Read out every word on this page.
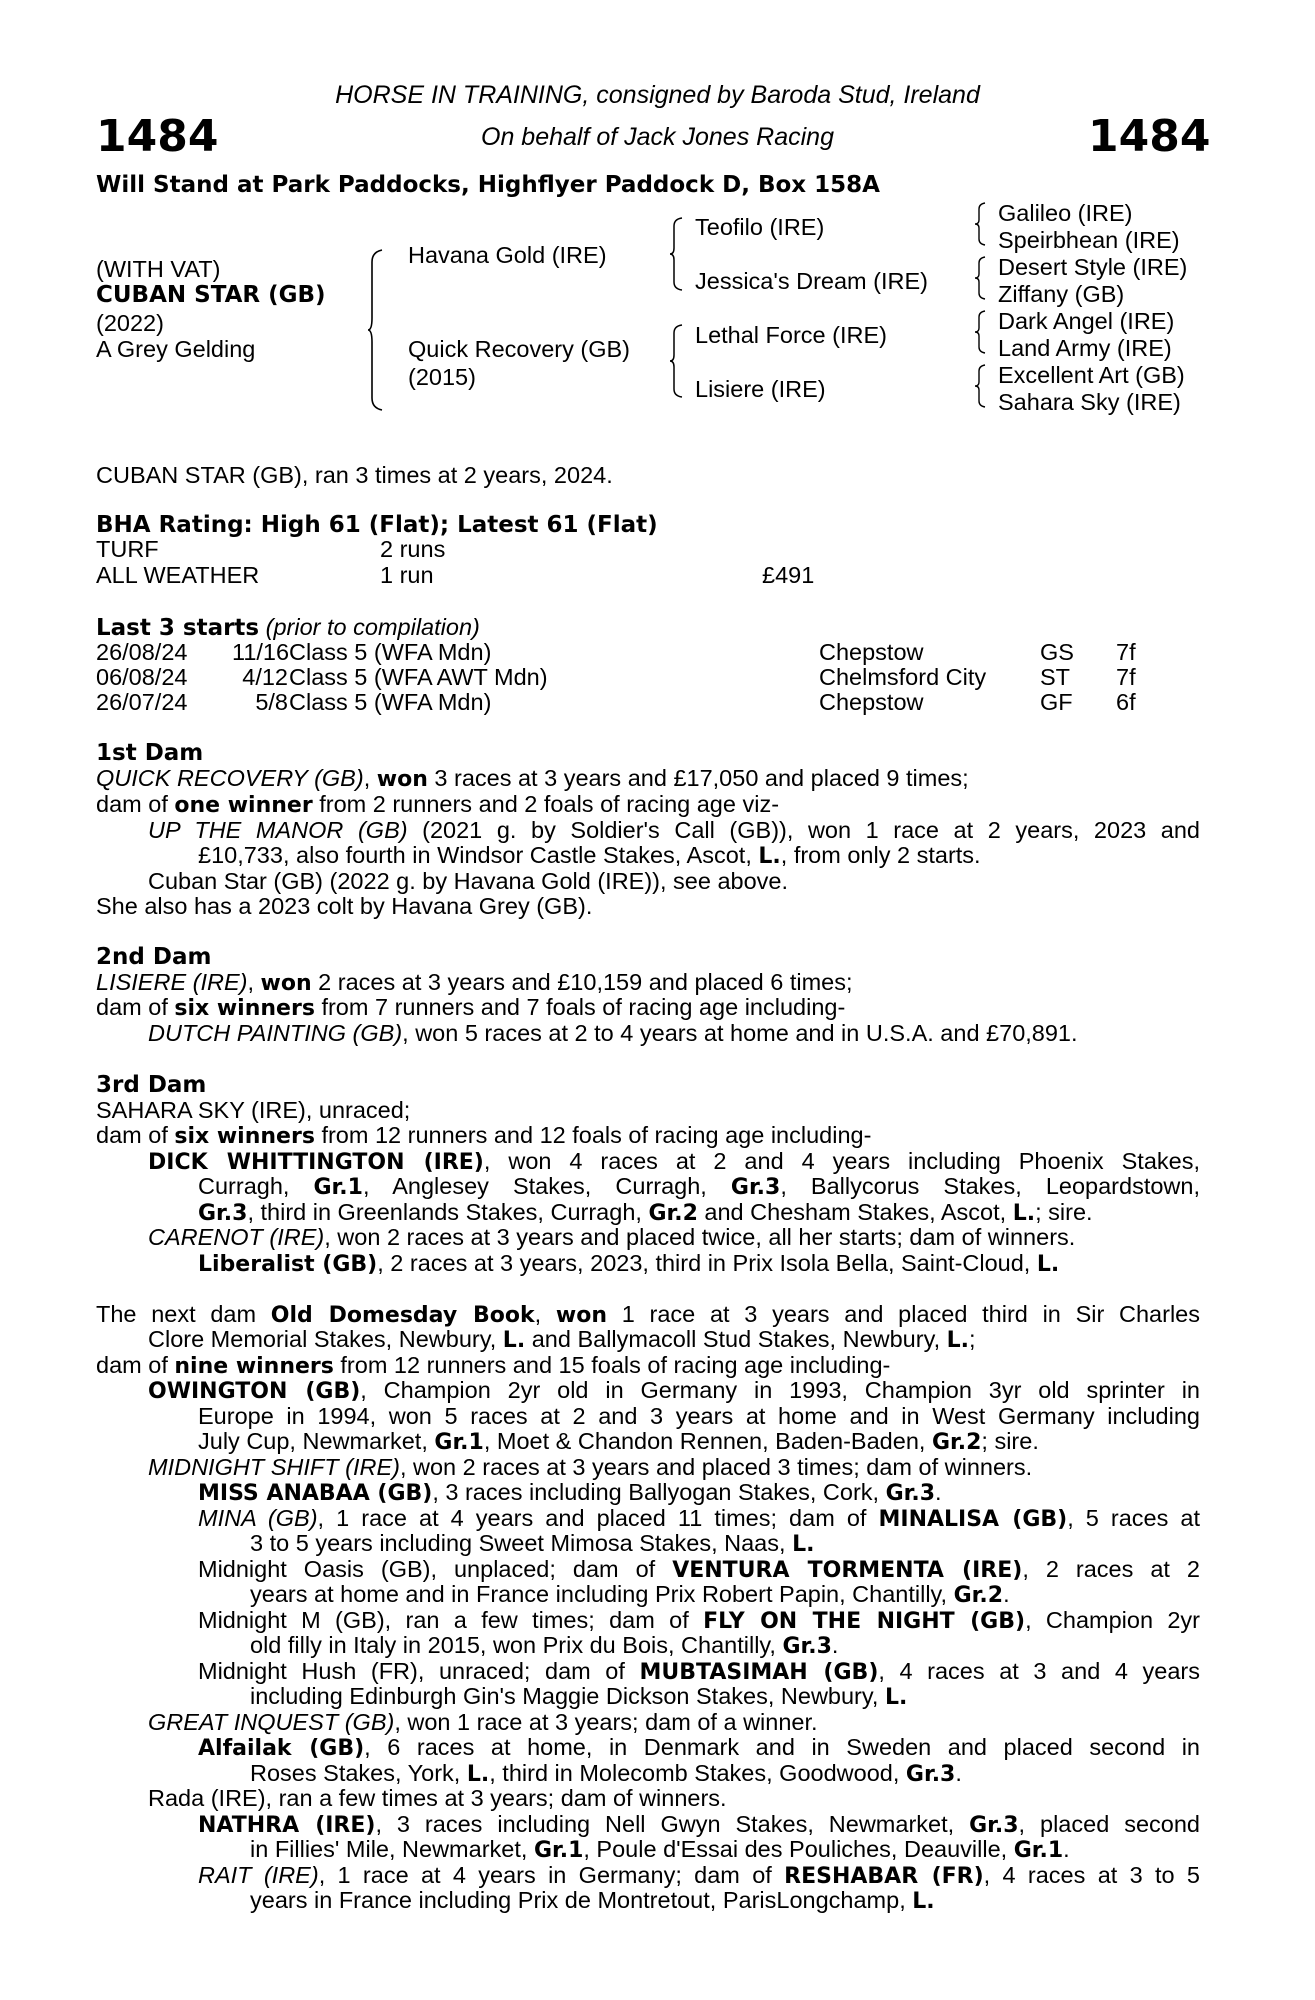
1484	1484
HORSE IN TRAINING, consigned by Baroda Stud, Ireland
On behalf of Jack Jones Racing
Will Stand at Park Paddocks, Highflyer Paddock D, Box 158A
(WITH VAT)
CUBAN STAR (GB)
(2022)
A Grey Gelding
Havana Gold (IRE)
Quick Recovery (GB)
(2015)
Teofilo (IRE)
Jessica's Dream (IRE)
Lethal Force (IRE)
Lisiere (IRE)
Galileo (IRE)
Speirbhean (IRE)
Desert Style (IRE)
Ziffany (GB)
Dark Angel (IRE)
Land Army (IRE)
Excellent Art (GB)
Sahara Sky (IRE)
CUBAN STAR (GB), ran 3 times at 2 years, 2024.
BHA Rating: High 61 (Flat); Latest 61 (Flat)
TURF	2 runs
ALL WEATHER	1 run	£491
Last 3 starts (prior to compilation)
26/08/24 11/16 Class 5 (WFA Mdn)	Chepstow	GS 7f
06/08/24	4/12 Class 5 (WFA AWT Mdn)	Chelmsford City ST 7f
26/07/24	5/8 Class 5 (WFA Mdn)	Chepstow	GF 6f
1st Dam
QUICK RECOVERY (GB), won 3 races at 3 years and £17,050 and placed 9 times;
dam of one winner from 2 runners and 2 foals of racing age viz-
UP THE MANOR (GB) (2021 g. by Soldier's Call (GB)), won 1 race at 2 years, 2023 and
£10,733, also fourth in Windsor Castle Stakes, Ascot, L., from only 2 starts.
Cuban Star (GB) (2022 g. by Havana Gold (IRE)), see above.
She also has a 2023 colt by Havana Grey (GB).
2nd Dam
LISIERE (IRE), won 2 races at 3 years and £10,159 and placed 6 times;
dam of six winners from 7 runners and 7 foals of racing age including-
DUTCH PAINTING (GB), won 5 races at 2 to 4 years at home and in U.S.A. and £70,891.
3rd Dam
SAHARA SKY (IRE), unraced;
dam of six winners from 12 runners and 12 foals of racing age including-
DICK WHITTINGTON (IRE), won 4 races at 2 and 4 years including Phoenix Stakes,
Curragh, Gr.1, Anglesey Stakes, Curragh, Gr.3, Ballycorus Stakes, Leopardstown,
Gr.3, third in Greenlands Stakes, Curragh, Gr.2 and Chesham Stakes, Ascot, L.; sire.
CARENOT (IRE), won 2 races at 3 years and placed twice, all her starts; dam of winners.
Liberalist (GB), 2 races at 3 years, 2023, third in Prix Isola Bella, Saint-Cloud, L.
The next dam Old Domesday Book, won 1 race at 3 years and placed third in Sir Charles
Clore Memorial Stakes, Newbury, L. and Ballymacoll Stud Stakes, Newbury, L.;
dam of nine winners from 12 runners and 15 foals of racing age including-
OWINGTON (GB), Champion 2yr old in Germany in 1993, Champion 3yr old sprinter in
Europe in 1994, won 5 races at 2 and 3 years at home and in West Germany including
July Cup, Newmarket, Gr.1, Moet & Chandon Rennen, Baden-Baden, Gr.2; sire.
MIDNIGHT SHIFT (IRE), won 2 races at 3 years and placed 3 times; dam of winners.
MISS ANABAA (GB), 3 races including Ballyogan Stakes, Cork, Gr.3.
MINA (GB), 1 race at 4 years and placed 11 times; dam of MINALISA (GB), 5 races at
3 to 5 years including Sweet Mimosa Stakes, Naas, L.
Midnight Oasis (GB), unplaced; dam of VENTURA TORMENTA (IRE), 2 races at 2
years at home and in France including Prix Robert Papin, Chantilly, Gr.2.
Midnight M (GB), ran a few times; dam of FLY ON THE NIGHT (GB), Champion 2yr
old filly in Italy in 2015, won Prix du Bois, Chantilly, Gr.3.
Midnight Hush (FR), unraced; dam of MUBTASIMAH (GB), 4 races at 3 and 4 years
including Edinburgh Gin's Maggie Dickson Stakes, Newbury, L.
GREAT INQUEST (GB), won 1 race at 3 years; dam of a winner.
Alfailak (GB), 6 races at home, in Denmark and in Sweden and placed second in
Roses Stakes, York, L., third in Molecomb Stakes, Goodwood, Gr.3.
Rada (IRE), ran a few times at 3 years; dam of winners.
NATHRA (IRE), 3 races including Nell Gwyn Stakes, Newmarket, Gr.3, placed second
in Fillies' Mile, Newmarket, Gr.1, Poule d'Essai des Pouliches, Deauville, Gr.1.
RAIT (IRE), 1 race at 4 years in Germany; dam of RESHABAR (FR), 4 races at 3 to 5
years in France including Prix de Montretout, ParisLongchamp, L.
